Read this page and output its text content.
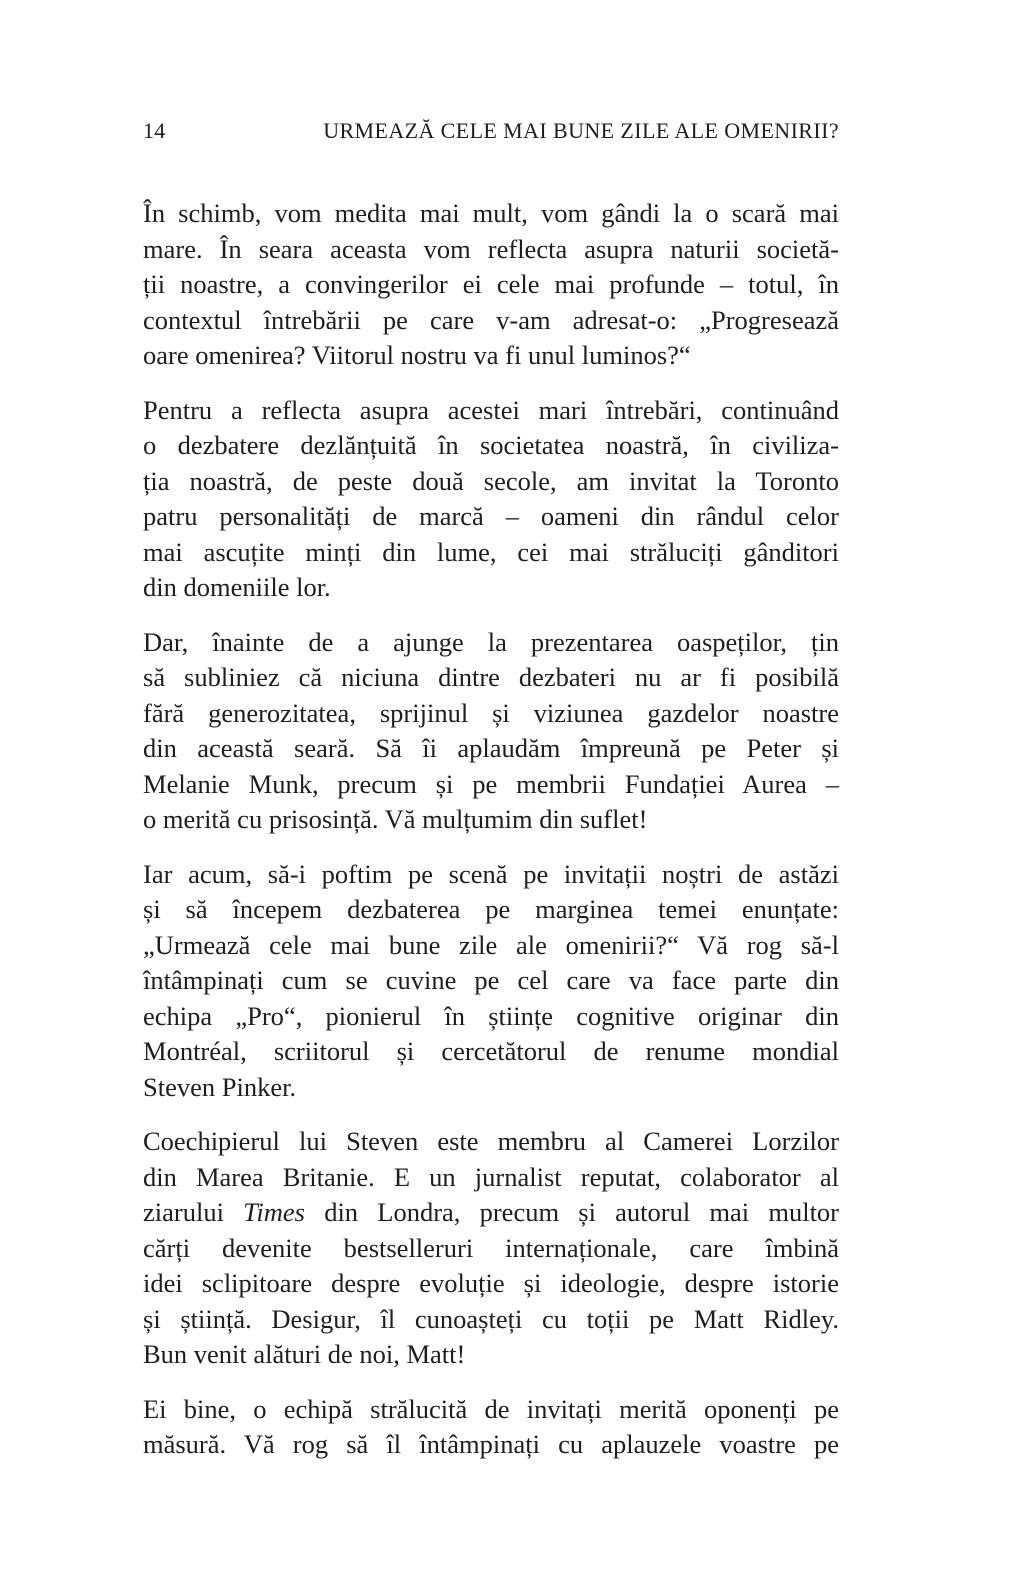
14	URMEAZĂ CELE MAI BUNE ZILE ALE OMENIRII?

În schimb, vom medita mai mult, vom gândi la o scară mai
mare. În seara aceasta vom reflecta asupra naturii societă-
ții noastre, a convingerilor ei cele mai profunde – totul, în
contextul întrebării pe care v-am adresat-o: „Progresează
oare omenirea? Viitorul nostru va fi unul luminos?“

Pentru a reflecta asupra acestei mari întrebări, continuând
o dezbatere dezlănțuită în societatea noastră, în civiliza-
ția noastră, de peste două secole, am invitat la Toronto
patru personalități de marcă – oameni din rândul celor
mai ascuțite minți din lume, cei mai străluciți gânditori
din domeniile lor.

Dar, înainte de a ajunge la prezentarea oaspeților, țin
să subliniez că niciuna dintre dezbateri nu ar fi posibilă
fără generozitatea, sprijinul și viziunea gazdelor noastre
din această seară. Să îi aplaudăm împreună pe Peter și
Melanie Munk, precum și pe membrii Fundației Aurea –
o merită cu prisosință. Vă mulțumim din suflet!

Iar acum, să-i poftim pe scenă pe invitații noștri de astăzi
și să începem dezbaterea pe marginea temei enunțate:
„Urmează cele mai bune zile ale omenirii?“ Vă rog să-l
întâmpinați cum se cuvine pe cel care va face parte din
echipa „Pro“, pionierul în științe cognitive originar din
Montréal, scriitorul și cercetătorul de renume mondial
Steven Pinker.

Coechipierul lui Steven este membru al Camerei Lorzilor
din Marea Britanie. E un jurnalist reputat, colaborator al
ziarului Times din Londra, precum și autorul mai multor
cărți devenite bestselleruri internaționale, care îmbină
idei sclipitoare despre evoluție și ideologie, despre istorie
și știință. Desigur, îl cunoașteți cu toții pe Matt Ridley.
Bun venit alături de noi, Matt!

Ei bine, o echipă strălucită de invitați merită oponenți pe
măsură. Vă rog să îl întâmpinați cu aplauzele voastre pe
